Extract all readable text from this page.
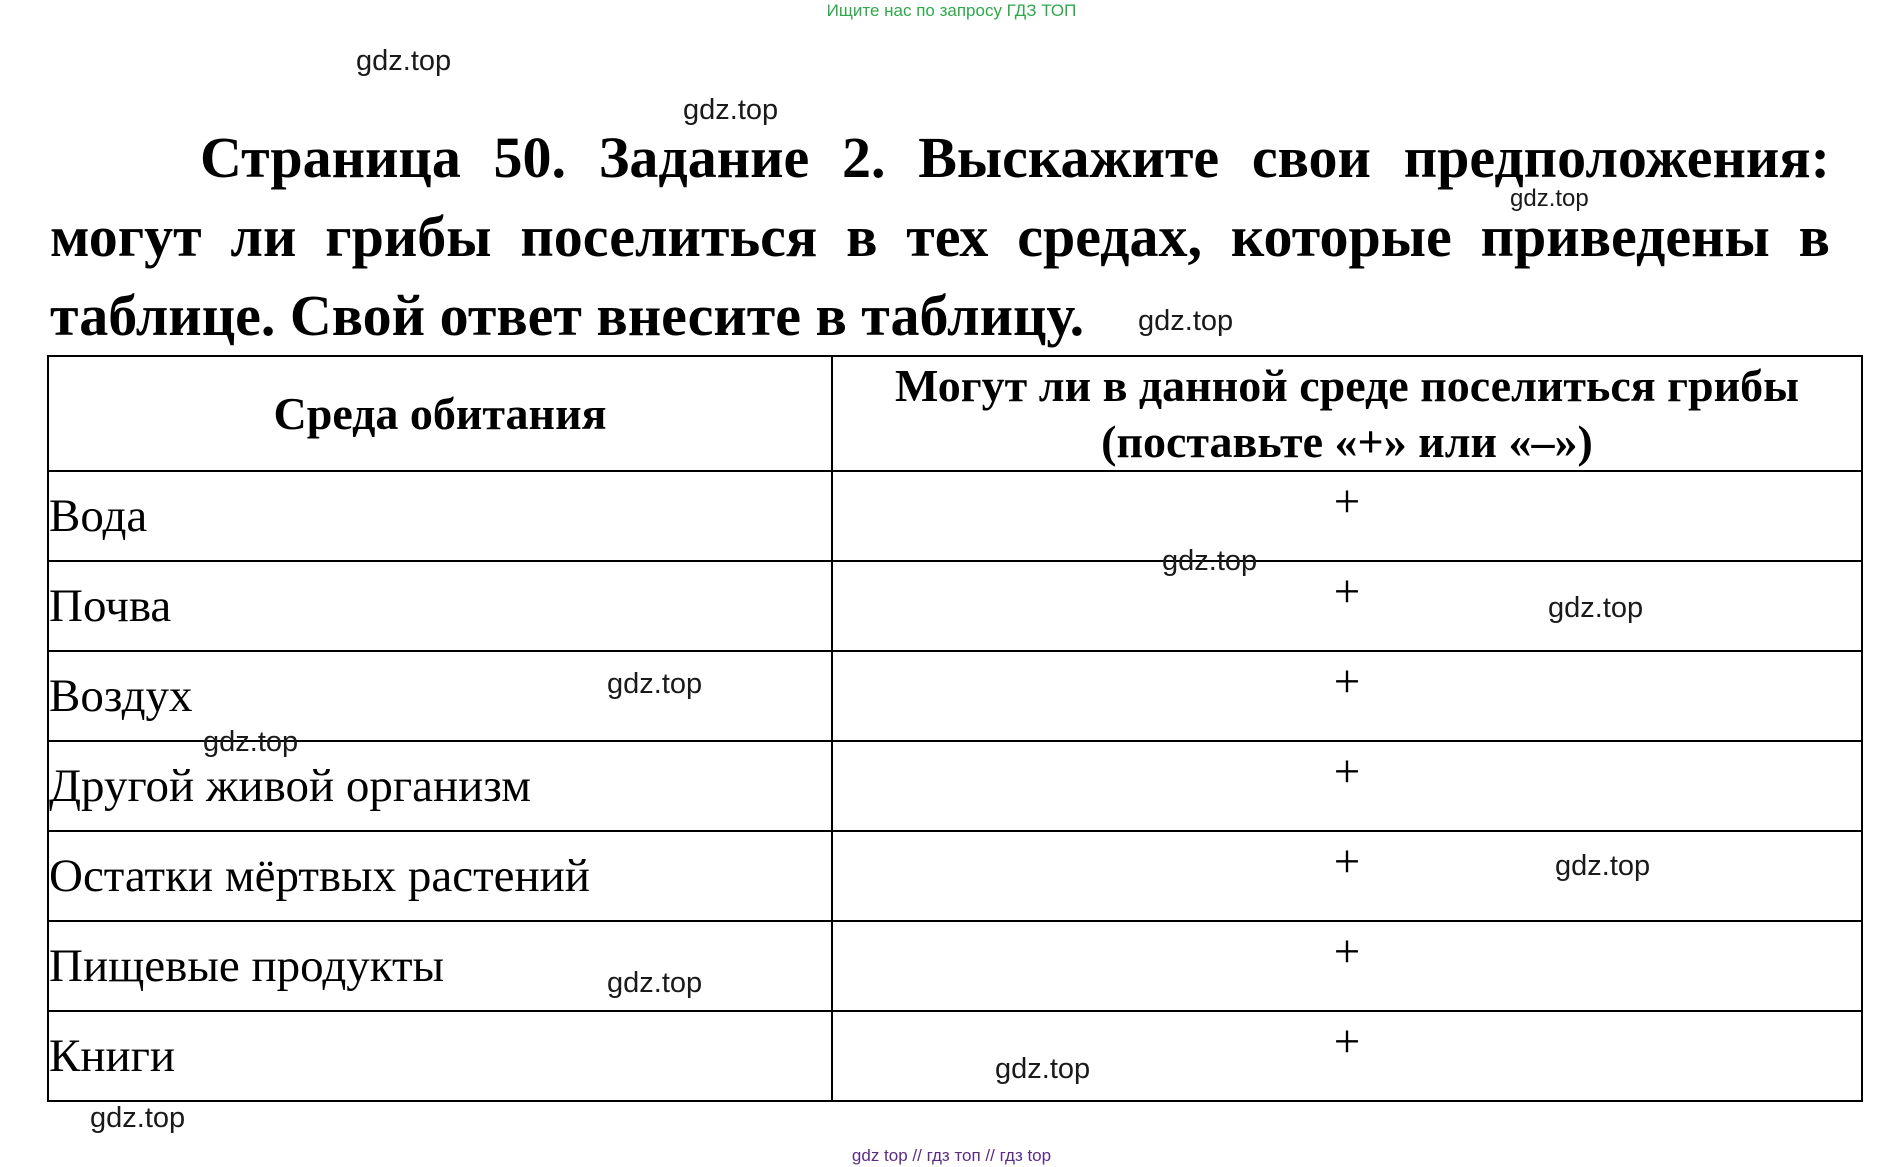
Ищите нас по запросу ГДЗ ТОП
gdz.top
gdz.top
gdz.top
gdz.top
Страница 50. Задание 2. Выскажите свои предположения: могут ли грибы поселиться в тех средах, которые приведены в таблице. Свой ответ внесите в таблицу.
Среда обитания	Могут ли в данной среде поселиться грибы
(поставьте «+» или «–»)

Вода	+
Почва	+
Воздух	+
Другой живой организм	+
Остатки мёртвых растений	+
Пищевые продукты	+
Книги	+
gdz.top
gdz.top
gdz.top
gdz.top
gdz.top
gdz.top
gdz.top
gdz.top
gdz top // гдз топ // гдз top
